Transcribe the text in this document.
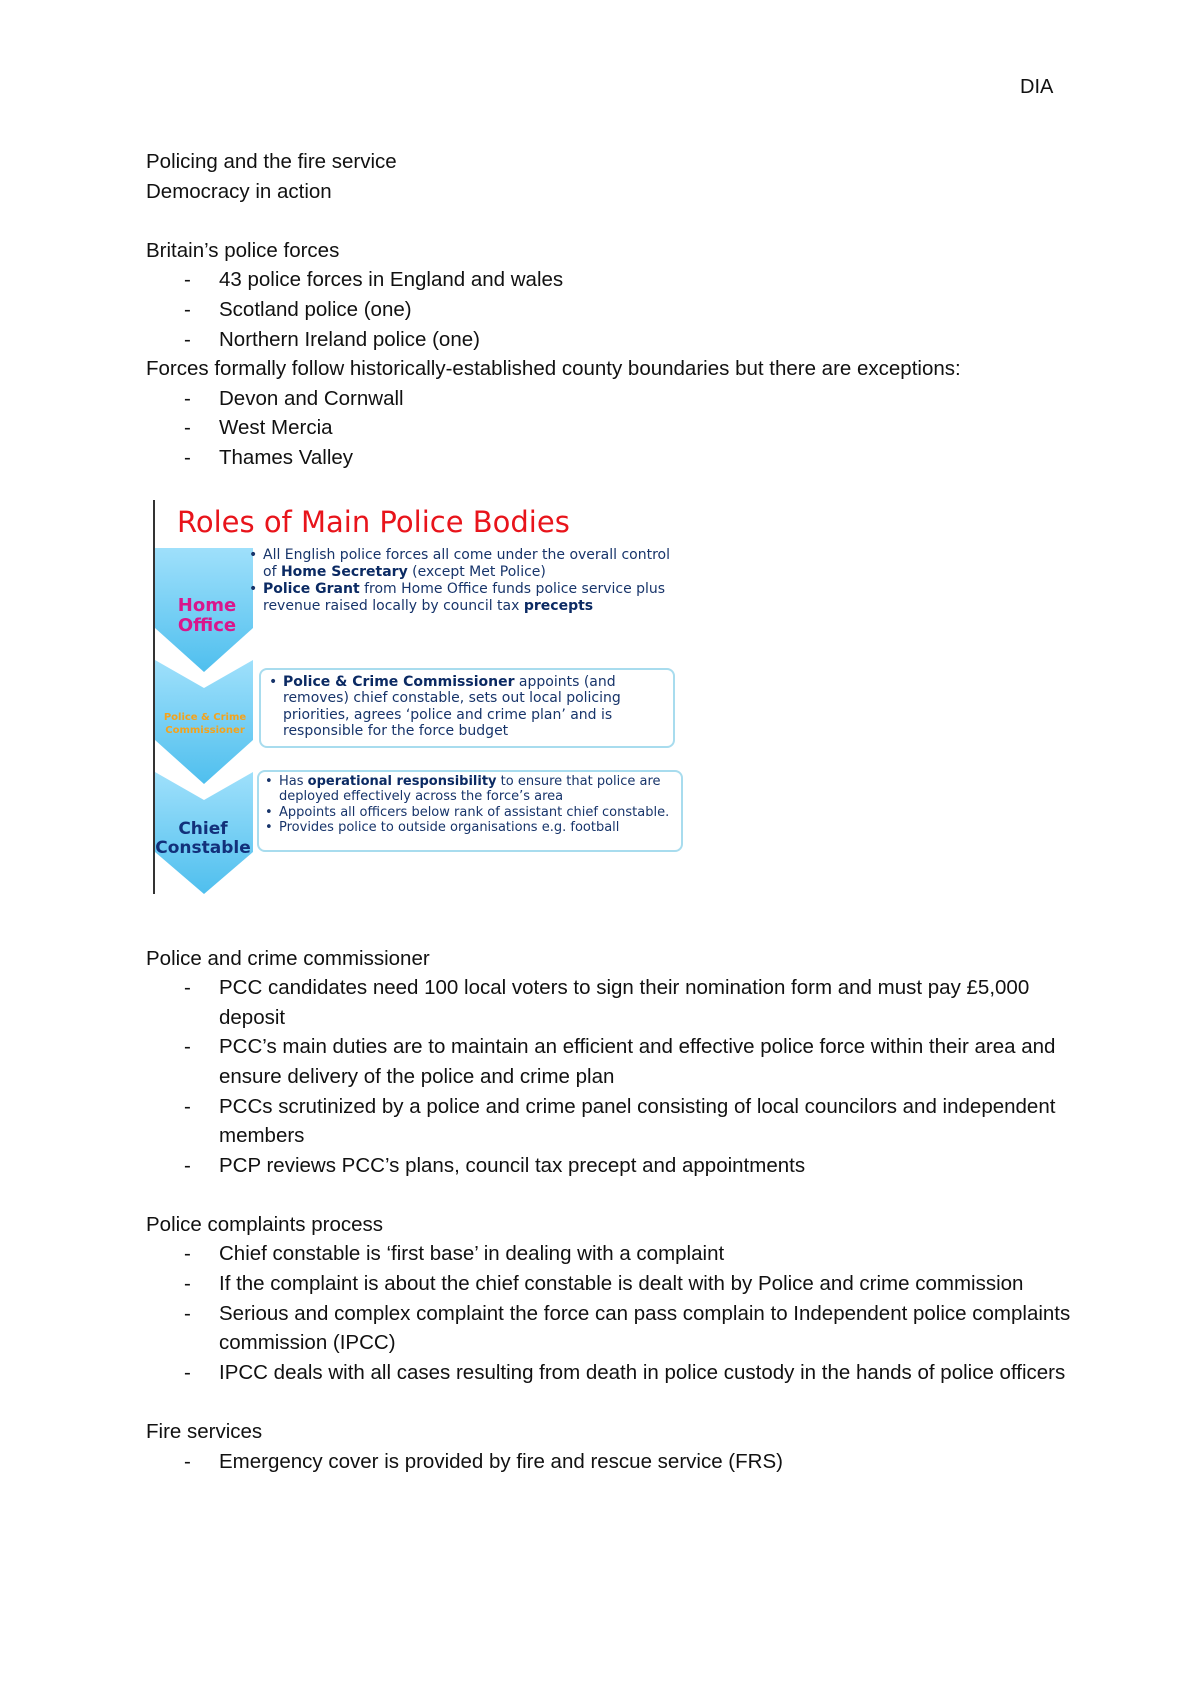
DIA
Policing and the fire service
Democracy in action
Britain’s police forces
- 43 police forces in England and wales
- Scotland police (one)
- Northern Ireland police (one)
Forces formally follow historically-established county boundaries but there are exceptions:
- Devon and Cornwall
- West Mercia
- Thames Valley
Roles of Main Police Bodies
Home
Office
Police & Crime
Commissioner
Chief
Constable
• All English police forces all come under the overall control of Home Secretary (except Met Police)
• Police Grant from Home Office funds police service plus revenue raised locally by council tax precepts
• Police & Crime Commissioner appoints (and removes) chief constable, sets out local policing priorities, agrees ‘police and crime plan’ and is responsible for the force budget
• Has operational responsibility to ensure that police are deployed effectively across the force’s area
• Appoints all officers below rank of assistant chief constable.
• Provides police to outside organisations e.g. football
Police and crime commissioner
- PCC candidates need 100 local voters to sign their nomination form and must pay £5,000 deposit
- PCC’s main duties are to maintain an efficient and effective police force within their area and ensure delivery of the police and crime plan
- PCCs scrutinized by a police and crime panel consisting of local councilors and independent members
- PCP reviews PCC’s plans, council tax precept and appointments
Police complaints process
- Chief constable is ‘first base’ in dealing with a complaint
- If the complaint is about the chief constable is dealt with by Police and crime commission
- Serious and complex complaint the force can pass complain to Independent police complaints commission (IPCC)
- IPCC deals with all cases resulting from death in police custody in the hands of police officers
Fire services
- Emergency cover is provided by fire and rescue service (FRS)
